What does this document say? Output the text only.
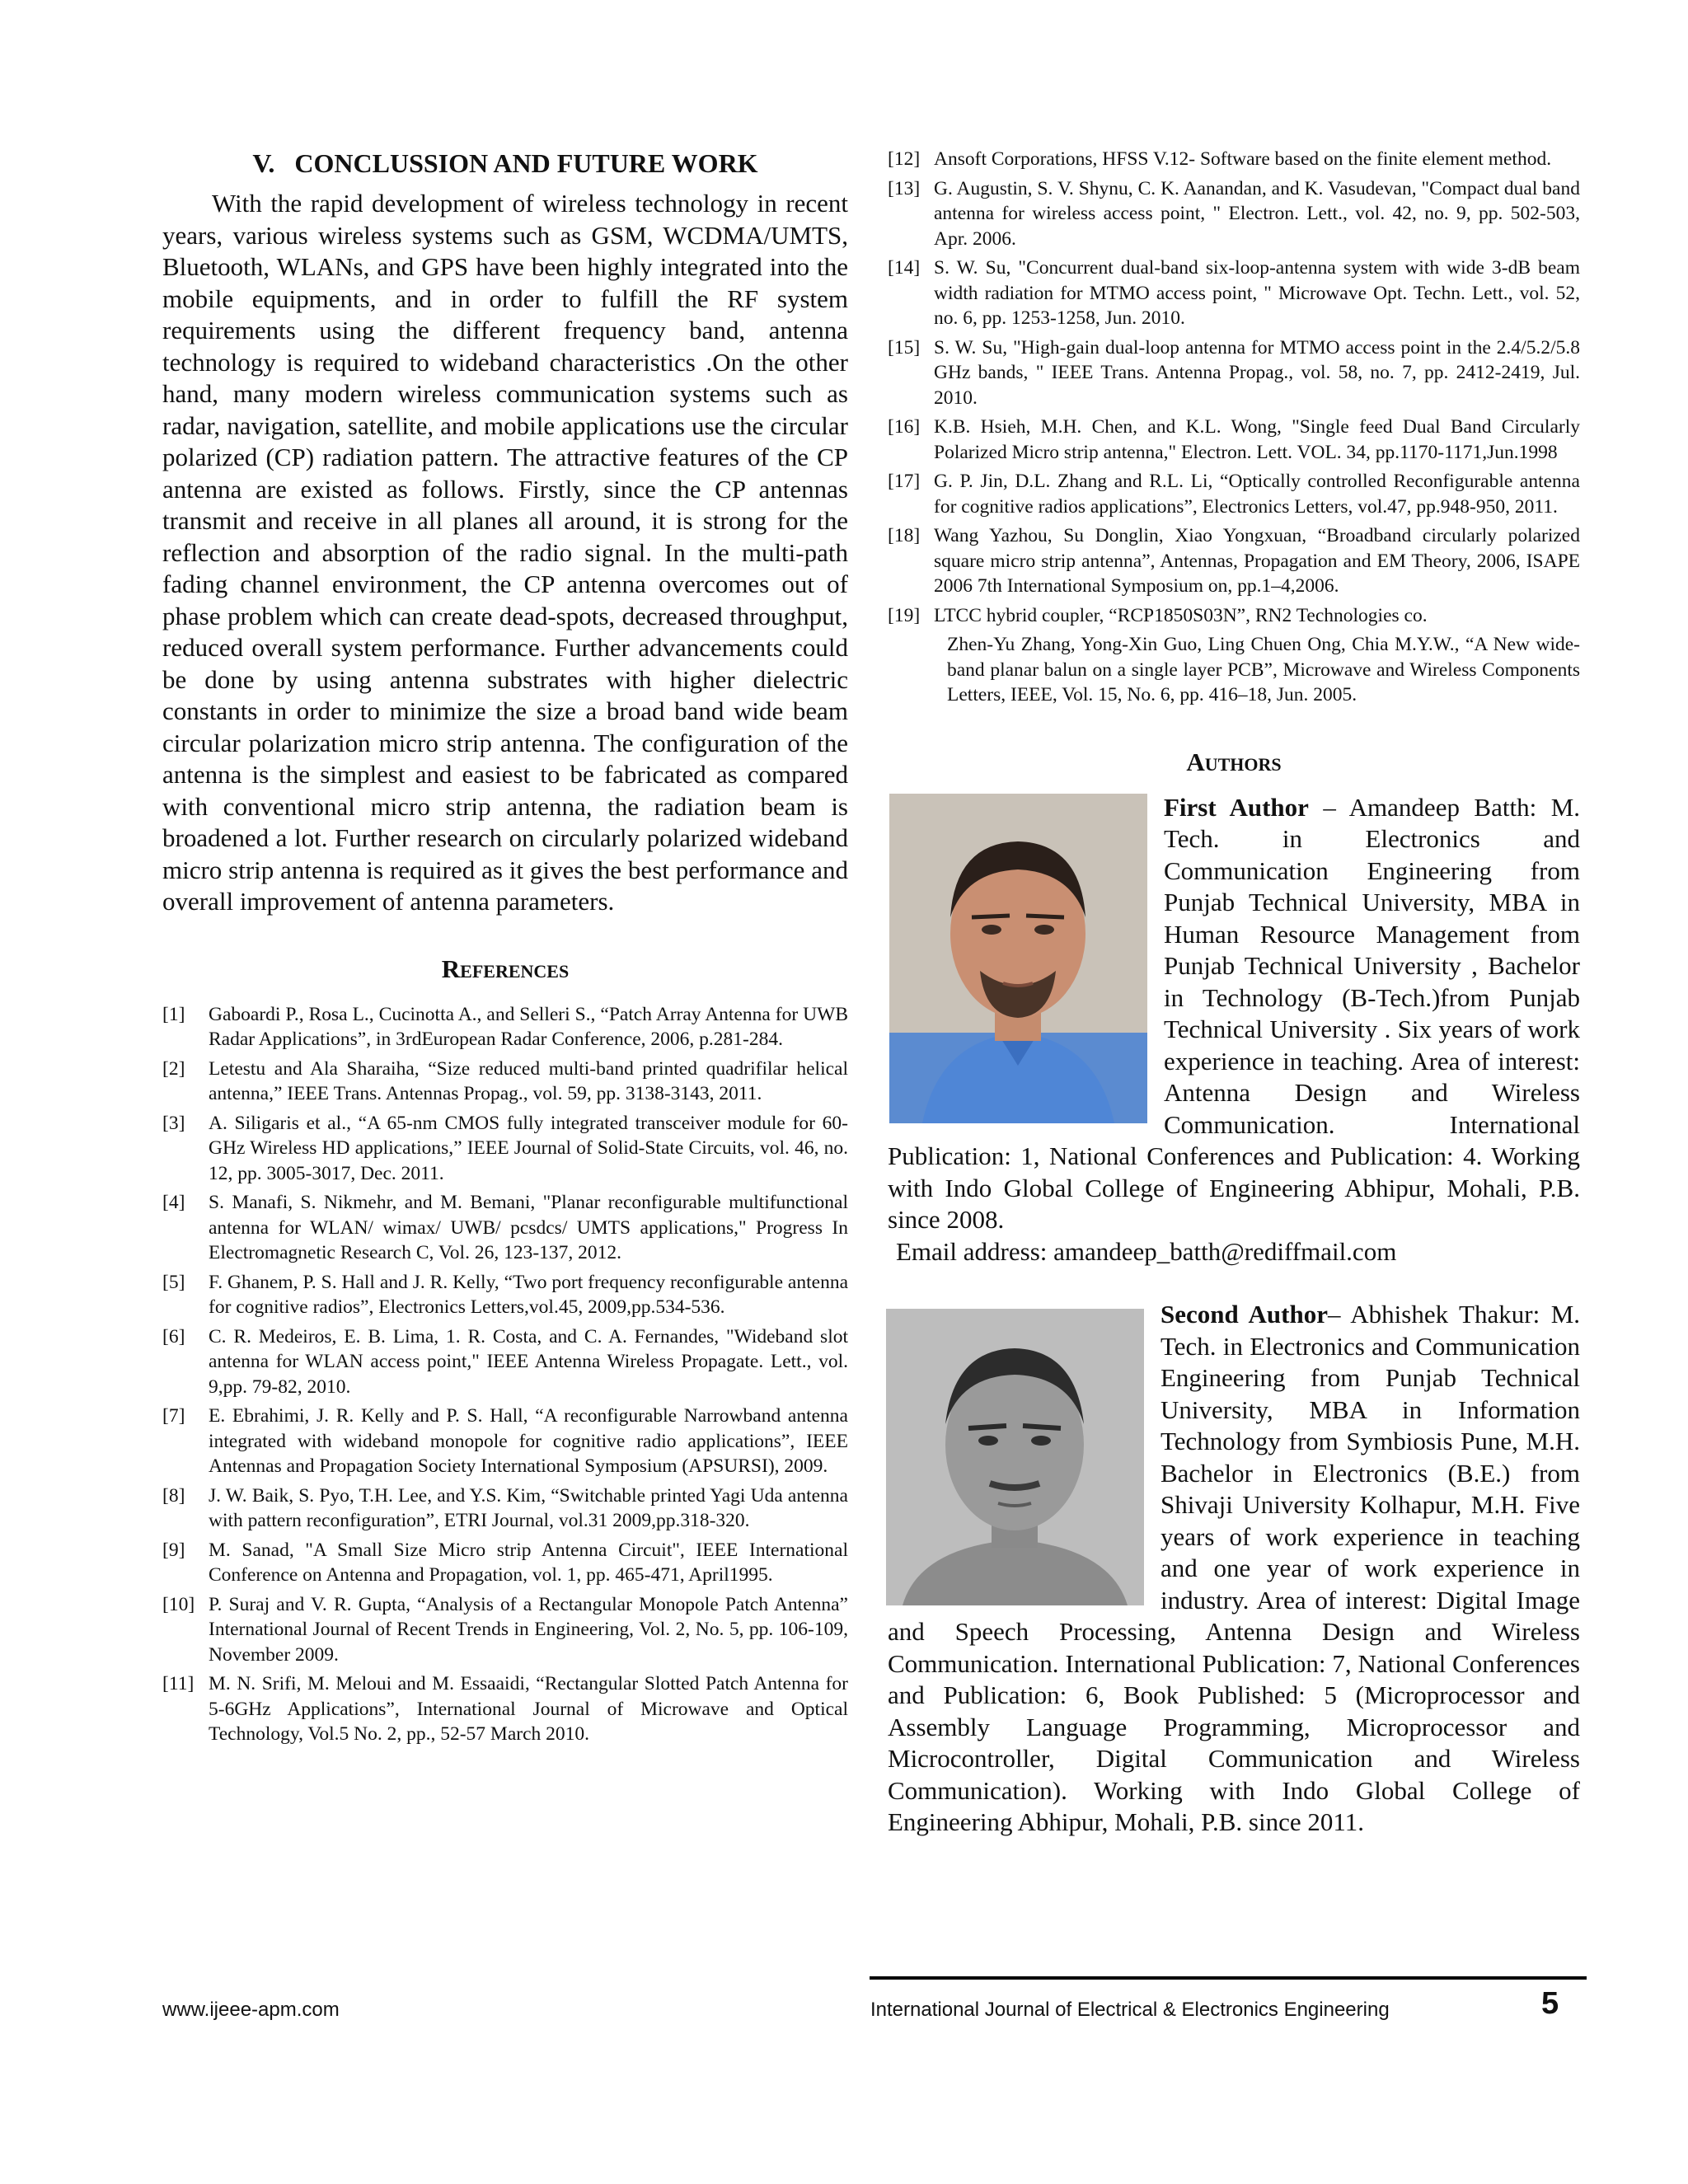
V. CONCLUSSION AND FUTURE WORK

With the rapid development of wireless technology in recent years, various wireless systems such as GSM, WCDMA/UMTS, Bluetooth, WLANs, and GPS have been highly integrated into the mobile equipments, and in order to fulfill the RF system requirements using the different frequency band, antenna technology is required to wideband characteristics .On the other hand, many modern wireless communication systems such as radar, navigation, satellite, and mobile applications use the circular polarized (CP) radiation pattern. The attractive features of the CP antenna are existed as follows. Firstly, since the CP antennas transmit and receive in all planes all around, it is strong for the reflection and absorption of the radio signal. In the multi-path fading channel environment, the CP antenna overcomes out of phase problem which can create dead-spots, decreased throughput, reduced overall system performance. Further advancements could be done by using antenna substrates with higher dielectric constants in order to minimize the size a broad band wide beam circular polarization micro strip antenna. The configuration of the antenna is the simplest and easiest to be fabricated as compared with conventional micro strip antenna, the radiation beam is broadened a lot. Further research on circularly polarized wideband micro strip antenna is required as it gives the best performance and overall improvement of antenna parameters.

References
[1]	Gaboardi P., Rosa L., Cucinotta A., and Selleri S., “Patch Array Antenna for UWB Radar Applications”, in 3rdEuropean Radar Conference, 2006, p.281-284.
[2]	Letestu and Ala Sharaiha, “Size reduced multi-band printed quadrifilar helical antenna,” IEEE Trans. Antennas Propag., vol. 59, pp. 3138-3143, 2011.
[3]	A. Siligaris et al., “A 65-nm CMOS fully integrated transceiver module for 60-GHz Wireless HD applications,” IEEE Journal of Solid-State Circuits, vol. 46, no. 12, pp. 3005-3017, Dec. 2011.
[4]	S. Manafi, S. Nikmehr, and M. Bemani, "Planar reconfigurable multifunctional antenna for WLAN/ wimax/ UWB/ pcsdcs/ UMTS applications," Progress In Electromagnetic Research C, Vol. 26, 123-137, 2012.
[5]	F. Ghanem, P. S. Hall and J. R. Kelly, “Two port frequency reconfigurable antenna for cognitive radios”, Electronics Letters,vol.45, 2009,pp.534-536.
[6]	C. R. Medeiros, E. B. Lima, 1. R. Costa, and C. A. Fernandes, "Wideband slot antenna for WLAN access point," IEEE Antenna Wireless Propagate. Lett., vol. 9,pp. 79-82, 2010.
[7]	E. Ebrahimi, J. R. Kelly and P. S. Hall, “A reconfigurable Narrowband antenna integrated with wideband monopole for cognitive radio applications”, IEEE Antennas and Propagation Society International Symposium (APSURSI), 2009.
[8]	J. W. Baik, S. Pyo, T.H. Lee, and Y.S. Kim, “Switchable printed Yagi Uda antenna with pattern reconfiguration”, ETRI Journal, vol.31 2009,pp.318-320.
[9]	M. Sanad, "A Small Size Micro strip Antenna Circuit", IEEE International Conference on Antenna and Propagation, vol. 1, pp. 465-471, April1995.
[10] P. Suraj and V. R. Gupta, “Analysis of a Rectangular Monopole Patch Antenna” International Journal of Recent Trends in Engineering, Vol. 2, No. 5, pp. 106-109, November 2009.
[11] M. N. Srifi, M. Meloui and M. Essaaidi, “Rectangular Slotted Patch Antenna for 5-6GHz Applications”, International Journal of Microwave and Optical Technology, Vol.5 No. 2, pp., 52-57 March 2010.
[12] Ansoft Corporations, HFSS V.12- Software based on the finite element method.
[13] G. Augustin, S. V. Shynu, C. K. Aanandan, and K. Vasudevan, "Compact dual band antenna for wireless access point, " Electron. Lett., vol. 42, no. 9, pp. 502-503, Apr. 2006.
[14] S. W. Su, "Concurrent dual-band six-loop-antenna system with wide 3-dB beam width radiation for MTMO access point, " Microwave Opt. Techn. Lett., vol. 52, no. 6, pp. 1253-1258, Jun. 2010.
[15] S. W. Su, "High-gain dual-loop antenna for MTMO access point in the 2.4/5.2/5.8 GHz bands, " IEEE Trans. Antenna Propag., vol. 58, no. 7, pp. 2412-2419, Jul. 2010.
[16] K.B. Hsieh, M.H. Chen, and K.L. Wong, "Single feed Dual Band Circularly Polarized Micro strip antenna," Electron. Lett. VOL. 34, pp.1170-1171,Jun.1998
[17] G. P. Jin, D.L. Zhang and R.L. Li, “Optically controlled Reconfigurable antenna for cognitive radios applications”, Electronics Letters, vol.47, pp.948-950, 2011.
[18] Wang Yazhou, Su Donglin, Xiao Yongxuan, “Broadband circularly polarized square micro strip antenna”, Antennas, Propagation and EM Theory, 2006, ISAPE 2006 7th International Symposium on, pp.1–4,2006.
[19] LTCC hybrid coupler, “RCP1850S03N”, RN2 Technologies co.
Zhen-Yu Zhang, Yong-Xin Guo, Ling Chuen Ong, Chia M.Y.W., “A New wide-band planar balun on a single layer PCB”, Microwave and Wireless Components Letters, IEEE, Vol. 15, No. 6, pp. 416–18, Jun. 2005.
Authors
First Author – Amandeep Batth: M. Tech. in Electronics and Communication Engineering from Punjab Technical University, MBA in Human Resource Management from Punjab Technical University , Bachelor in Technology (B-Tech.)from Punjab Technical University . Six years of work experience in teaching. Area of interest: Antenna Design and Wireless Communication. International Publication: 1, National Conferences and Publication: 4. Working with Indo Global College of Engineering Abhipur, Mohali, P.B. since 2008.
Email address: amandeep_batth@rediffmail.com
Second Author– Abhishek Thakur: M. Tech. in Electronics and Communication Engineering from Punjab Technical University, MBA in Information Technology from Symbiosis Pune, M.H. Bachelor in Electronics (B.E.) from Shivaji University Kolhapur, M.H. Five years of work experience in teaching and one year of work experience in industry. Area of interest: Digital Image and Speech Processing, Antenna Design and Wireless Communication. International Publication: 7, National Conferences and Publication: 6, Book Published: 5 (Microprocessor and Assembly Language Programming, Microprocessor and Microcontroller, Digital Communication and Wireless Communication). Working with Indo Global College of Engineering Abhipur, Mohali, P.B. since 2011.
www.ijeee-apm.com	International Journal of Electrical & Electronics Engineering	5
